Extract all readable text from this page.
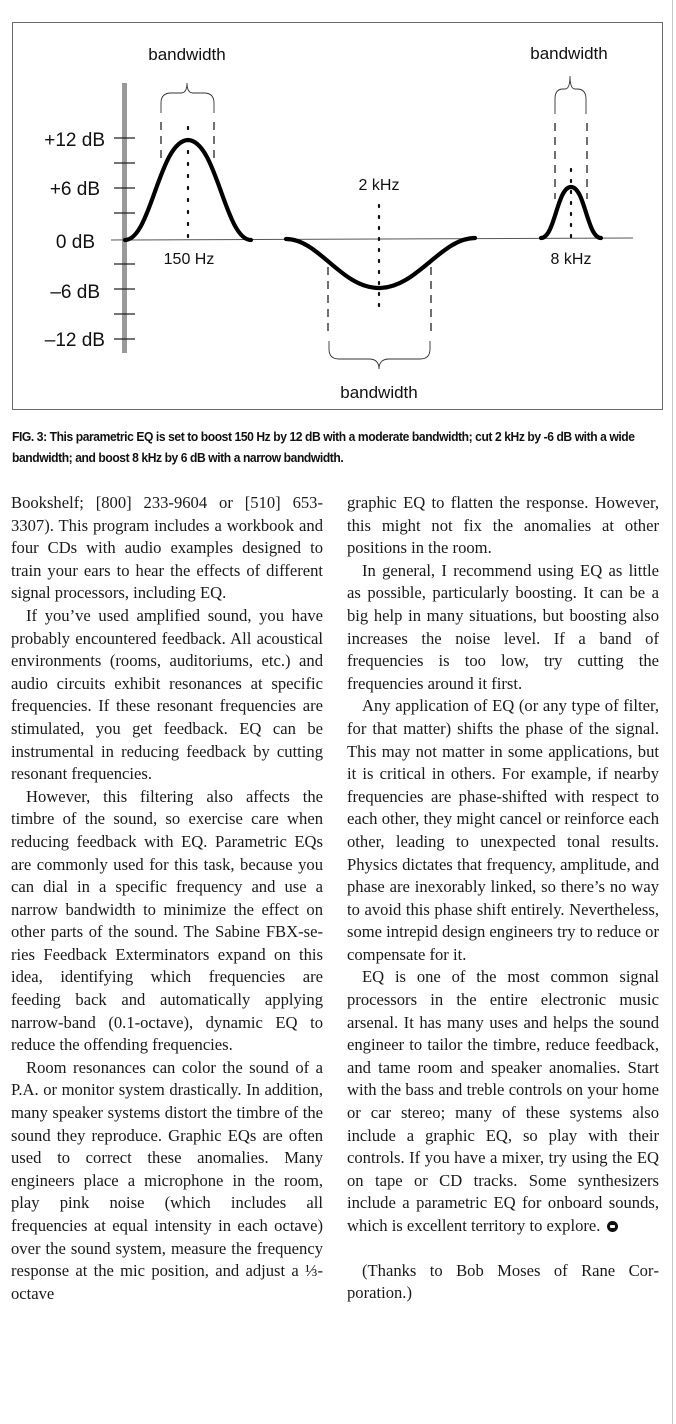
+12 dB
+6 dB
0 dB
–6 dB
–12 dB
bandwidth
150 Hz
2 kHz
bandwidth
bandwidth
8 kHz
FIG. 3: This parametric EQ is set to boost 150 Hz by 12 dB with a moderate bandwidth; cut 2 kHz by -6 dB with a wide bandwidth; and boost 8 kHz by 6 dB with a narrow bandwidth.

Bookshelf; [800] 233-9604 or [510] 653-3307). This program includes a workbook and four CDs with audio examples designed to train your ears to hear the effects of different signal processors, including EQ.

If you’ve used amplified sound, you have probably encountered feedback. All acoustical environments (rooms, auditoriums, etc.) and audio circuits exhibit resonances at specific frequencies. If these resonant frequencies are stimulated, you get feedback. EQ can be instrumental in reducing feedback by cutting resonant frequencies.

However, this filtering also affects the timbre of the sound, so exercise care when reducing feedback with EQ. Parametric EQs are commonly used for this task, because you can dial in a specific frequency and use a narrow bandwidth to minimize the effect on other parts of the sound. The Sabine FBX-series Feedback Exterminators expand on this idea, identifying which frequencies are feeding back and automatically applying narrow-band (0.1-octave), dynamic EQ to reduce the offending frequencies.

Room resonances can color the sound of a P.A. or monitor system drastically. In addition, many speaker systems distort the timbre of the sound they reproduce. Graphic EQs are often used to correct these anomalies. Many engineers place a microphone in the room, play pink noise (which includes all frequencies at equal intensity in each octave) over the sound system, measure the frequency response at the mic position, and adjust a ⅓-octave

graphic EQ to flatten the response. However, this might not fix the anomalies at other positions in the room.

In general, I recommend using EQ as little as possible, particularly boosting. It can be a big help in many situations, but boosting also increases the noise level. If a band of frequencies is too low, try cutting the frequencies around it first.

Any application of EQ (or any type of filter, for that matter) shifts the phase of the signal. This may not matter in some applications, but it is critical in others. For example, if nearby frequencies are phase-shifted with respect to each other, they might cancel or reinforce each other, leading to unexpected tonal results. Physics dictates that frequency, amplitude, and phase are inexorably linked, so there’s no way to avoid this phase shift entirely. Nevertheless, some intrepid design engineers try to reduce or compensate for it.

EQ is one of the most common signal processors in the entire electronic music arsenal. It has many uses and helps the sound engineer to tailor the timbre, reduce feedback, and tame room and speaker anomalies. Start with the bass and treble controls on your home or car stereo; many of these systems also include a graphic EQ, so play with their controls. If you have a mixer, try using the EQ on tape or CD tracks. Some synthesizers include a parametric EQ for onboard sounds, which is excellent territory to explore.

(Thanks to Bob Moses of Rane Corporation.)
